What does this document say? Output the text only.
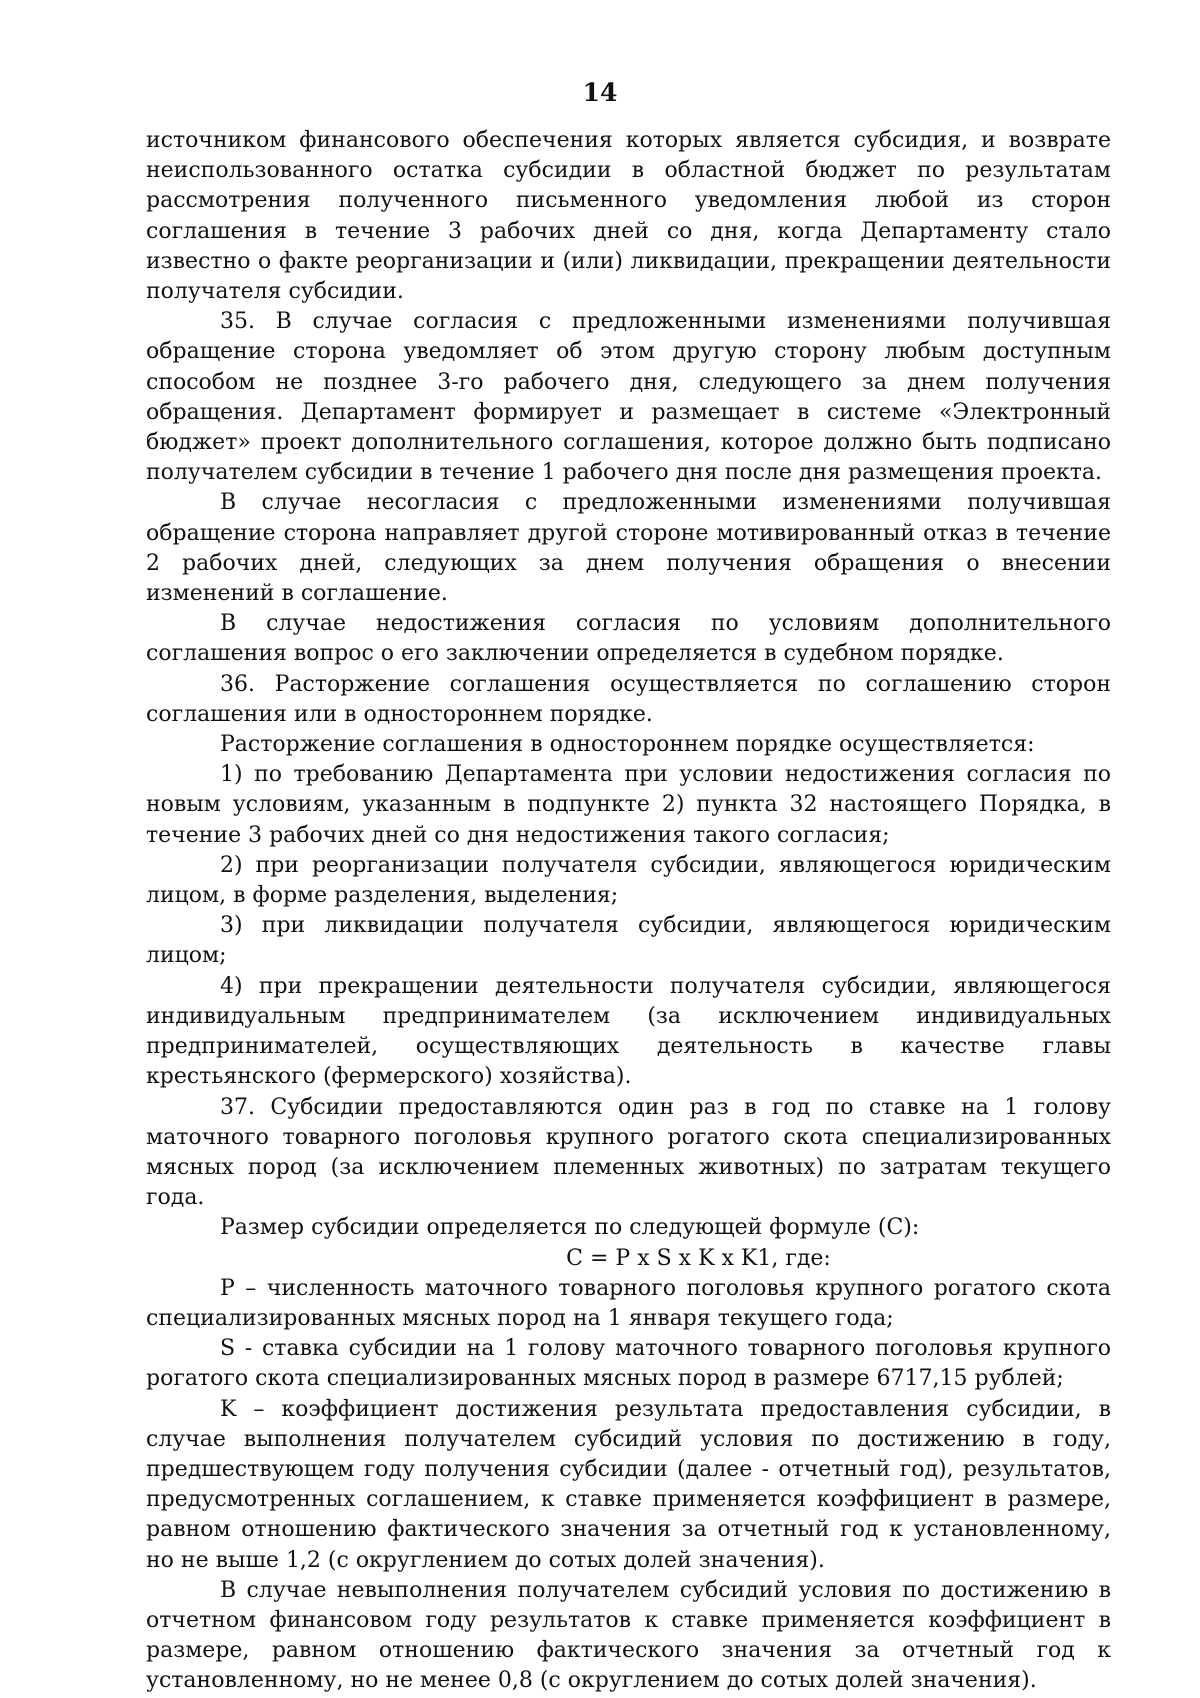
14

источником финансового обеспечения которых является субсидия, и возврате неиспользованного остатка субсидии в областной бюджет по результатам рассмотрения полученного письменного уведомления любой из сторон соглашения в течение 3 рабочих дней со дня, когда Департаменту стало известно о факте реорганизации и (или) ликвидации, прекращении деятельности получателя субсидии.

35. В случае согласия с предложенными изменениями получившая обращение сторона уведомляет об этом другую сторону любым доступным способом не позднее 3-го рабочего дня, следующего за днем получения обращения. Департамент формирует и размещает в системе «Электронный бюджет» проект дополнительного соглашения, которое должно быть подписано получателем субсидии в течение 1 рабочего дня после дня размещения проекта.

В случае несогласия с предложенными изменениями получившая обращение сторона направляет другой стороне мотивированный отказ в течение 2 рабочих дней, следующих за днем получения обращения о внесении изменений в соглашение.

В случае недостижения согласия по условиям дополнительного соглашения вопрос о его заключении определяется в судебном порядке.

36. Расторжение соглашения осуществляется по соглашению сторон соглашения или в одностороннем порядке.

Расторжение соглашения в одностороннем порядке осуществляется:

1) по требованию Департамента при условии недостижения согласия по новым условиям, указанным в подпункте 2) пункта 32 настоящего Порядка, в течение 3 рабочих дней со дня недостижения такого согласия;

2) при реорганизации получателя субсидии, являющегося юридическим лицом, в форме разделения, выделения;

3) при ликвидации получателя субсидии, являющегося юридическим лицом;

4) при прекращении деятельности получателя субсидии, являющегося индивидуальным предпринимателем (за исключением индивидуальных предпринимателей, осуществляющих деятельность в качестве главы крестьянского (фермерского) хозяйства).

37. Субсидии предоставляются один раз в год по ставке на 1 голову маточного товарного поголовья крупного рогатого скота специализированных мясных пород (за исключением племенных животных) по затратам текущего года.

Размер субсидии определяется по следующей формуле (С):

С = P х S х K х K1, где:

P – численность маточного товарного поголовья крупного рогатого скота специализированных мясных пород на 1 января текущего года;

S - ставка субсидии на 1 голову маточного товарного поголовья крупного рогатого скота специализированных мясных пород в размере 6717,15 рублей;

K – коэффициент достижения результата предоставления субсидии, в случае выполнения получателем субсидий условия по достижению в году, предшествующем году получения субсидии (далее - отчетный год), результатов, предусмотренных соглашением, к ставке применяется коэффициент в размере, равном отношению фактического значения за отчетный год к установленному, но не выше 1,2 (с округлением до сотых долей значения).

В случае невыполнения получателем субсидий условия по достижению в отчетном финансовом году результатов к ставке применяется коэффициент в размере, равном отношению фактического значения за отчетный год к установленному, но не менее 0,8 (с округлением до сотых долей значения).
